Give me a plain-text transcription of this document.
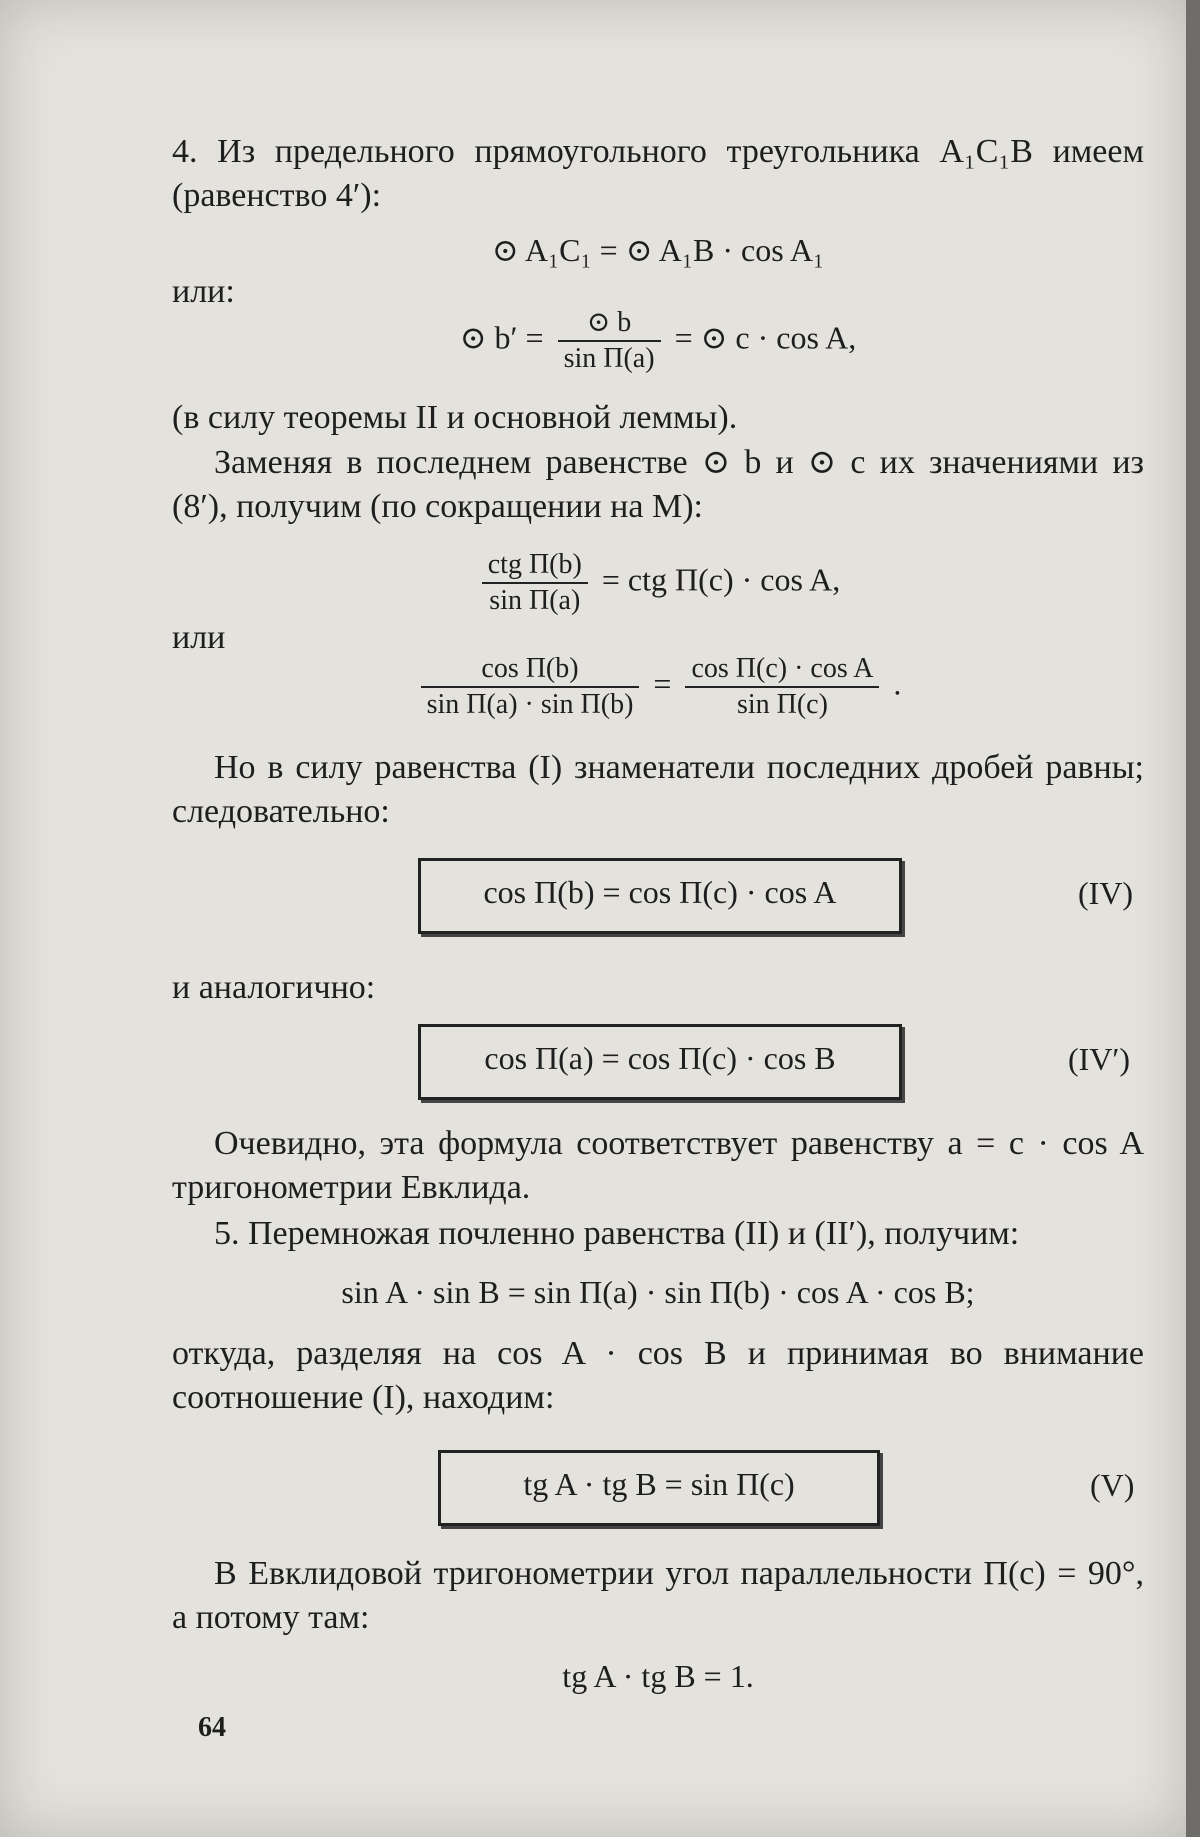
4. Из предельного прямоугольного треугольника A₁C₁B имеем (равенство 4′):
⊙ A₁C₁ = ⊙ A₁B · cos A₁
или:
⊙ $b' = \frac{⊙ b}{\text{sin Π(a)}}$ = ⊙ c · cos A,
(в силу теоремы II и основной леммы).
Заменяя в последнем равенстве ⊙ b и ⊙ c их значениями из (8′), получим (по сокращении на M):
$\frac{\text{ctg Π(b)}}{\text{sin Π(a)}}$ = ctg Π(c) · cos A,
или
$\frac{\text{cos Π(b)}}{\text{sin Π(a) · sin Π(b)}} = \frac{\text{cos Π(c) · cos A}}{\text{sin Π(c)}}$ .
Но в силу равенства (I) знаменатели последних дробей равны; следовательно:
cos Π(b) = cos Π(c) · cos A	(IV)
и аналогично:
cos Π(a) = cos Π(c) · cos B	(IV′)
Очевидно, эта формула соответствует равенству a = c · cos A тригонометрии Евклида.
5. Перемножая почленно равенства (II) и (II′), получим:
sin A · sin B = sin Π(a) · sin Π(b) · cos A · cos B;
откуда, разделяя на cos A · cos B и принимая во внимание соотношение (I), находим:
tg A · tg B = sin Π(c)	(V)
В Евклидовой тригонометрии угол параллельности Π(c) = 90°, а потому там:
tg A · tg B = 1.
64
